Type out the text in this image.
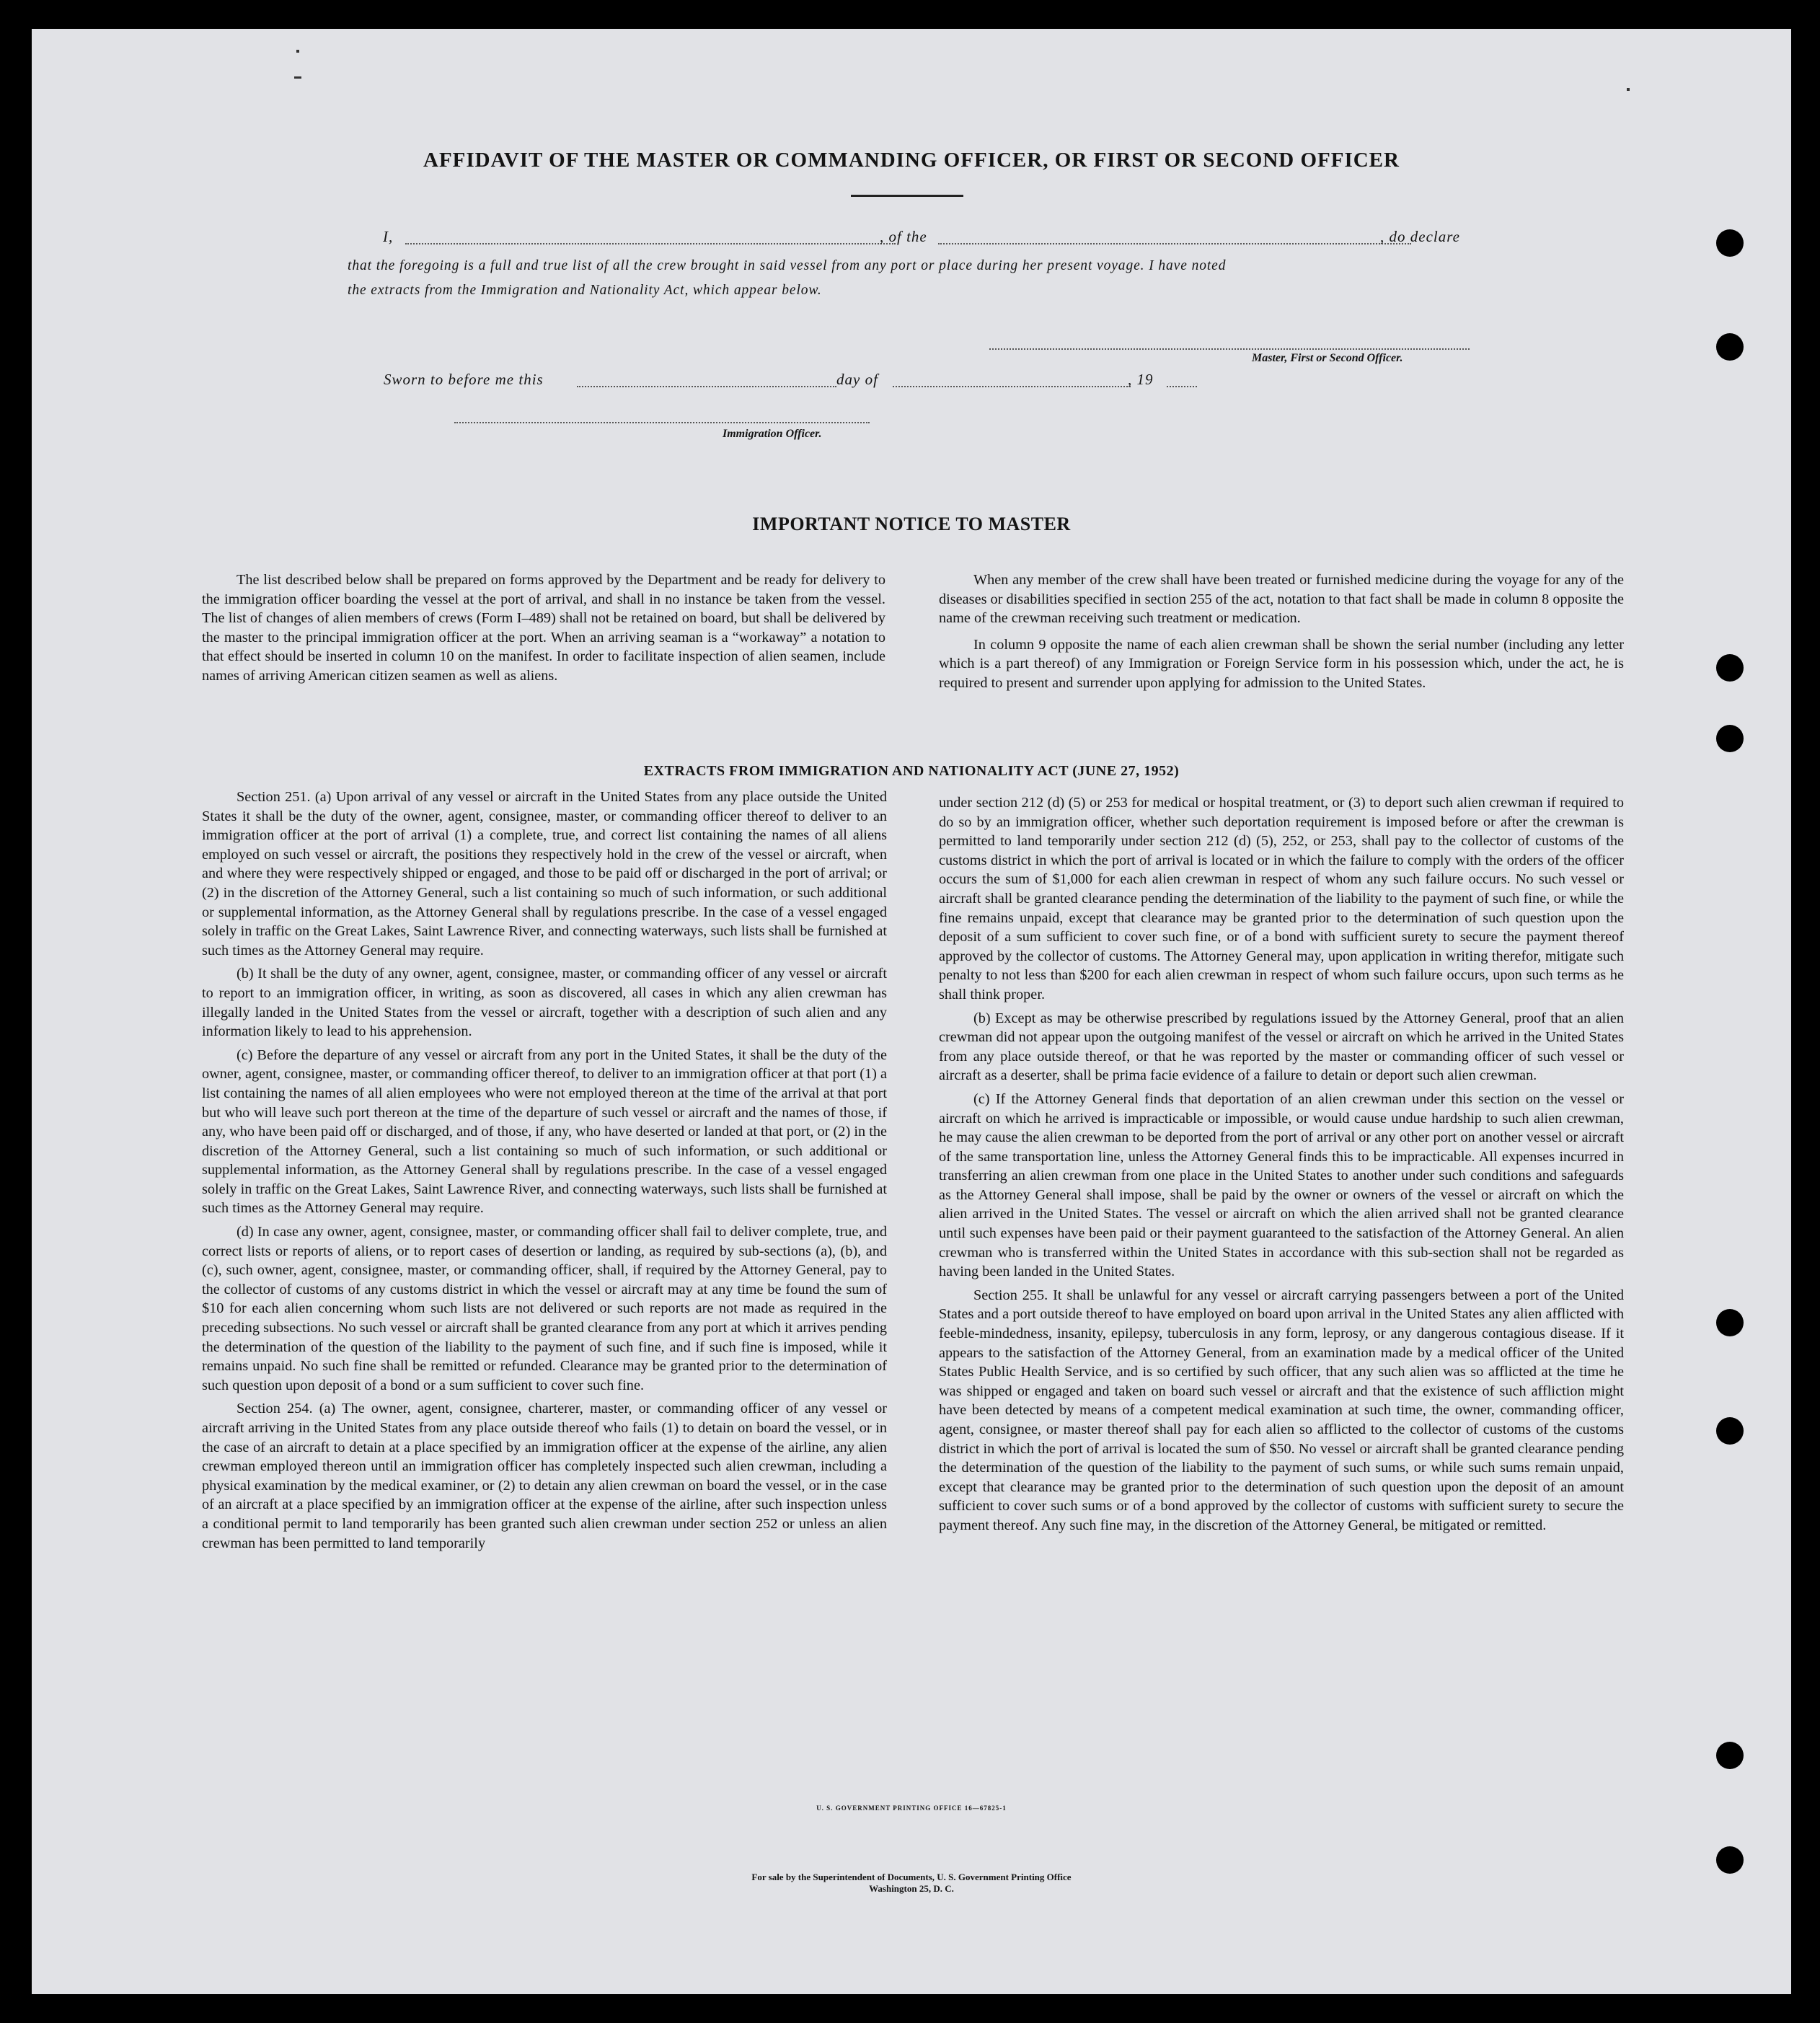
AFFIDAVIT OF THE MASTER OR COMMANDING OFFICER, OR FIRST OR SECOND OFFICER
I,	, of the	, do declare
that the foregoing is a full and true list of all the crew brought in said vessel from any port or place during her present voyage. I have noted
the extracts from the Immigration and Nationality Act, which appear below.
Master, First or Second Officer.
Sworn to before me this	day of	, 19
Immigration Officer.
IMPORTANT NOTICE TO MASTER

The list described below shall be prepared on forms approved by the Department and be ready for delivery to the immigration officer boarding the vessel at the port of arrival, and shall in no instance be taken from the vessel. The list of changes of alien members of crews (Form I–489) shall not be retained on board, but shall be delivered by the master to the principal immigration officer at the port. When an arriving seaman is a “workaway” a notation to that effect should be inserted in column 10 on the manifest. In order to facilitate inspection of alien seamen, include names of arriving American citizen seamen as well as aliens.

When any member of the crew shall have been treated or furnished medicine during the voyage for any of the diseases or disabilities specified in section 255 of the act, notation to that fact shall be made in column 8 opposite the name of the crewman receiving such treatment or medication.

In column 9 opposite the name of each alien crewman shall be shown the serial number (including any letter which is a part thereof) of any Immigration or Foreign Service form in his possession which, under the act, he is required to present and surrender upon applying for admission to the United States.

EXTRACTS FROM IMMIGRATION AND NATIONALITY ACT (JUNE 27, 1952)

Section 251. (a) Upon arrival of any vessel or aircraft in the United States from any place outside the United States it shall be the duty of the owner, agent, consignee, master, or commanding officer thereof to deliver to an immigration officer at the port of arrival (1) a complete, true, and correct list containing the names of all aliens employed on such vessel or aircraft, the positions they respectively hold in the crew of the vessel or aircraft, when and where they were respectively shipped or engaged, and those to be paid off or discharged in the port of arrival; or (2) in the discretion of the Attorney General, such a list containing so much of such information, or such additional or supplemental information, as the Attorney General shall by regulations prescribe. In the case of a vessel engaged solely in traffic on the Great Lakes, Saint Lawrence River, and connecting waterways, such lists shall be furnished at such times as the Attorney General may require.

(b) It shall be the duty of any owner, agent, consignee, master, or commanding officer of any vessel or aircraft to report to an immigration officer, in writing, as soon as discovered, all cases in which any alien crewman has illegally landed in the United States from the vessel or aircraft, together with a description of such alien and any information likely to lead to his apprehension.

(c) Before the departure of any vessel or aircraft from any port in the United States, it shall be the duty of the owner, agent, consignee, master, or commanding officer thereof, to deliver to an immigration officer at that port (1) a list containing the names of all alien employees who were not employed thereon at the time of the arrival at that port but who will leave such port thereon at the time of the departure of such vessel or aircraft and the names of those, if any, who have been paid off or discharged, and of those, if any, who have deserted or landed at that port, or (2) in the discretion of the Attorney General, such a list containing so much of such information, or such additional or supplemental information, as the Attorney General shall by regulations prescribe. In the case of a vessel engaged solely in traffic on the Great Lakes, Saint Lawrence River, and connecting waterways, such lists shall be furnished at such times as the Attorney General may require.

(d) In case any owner, agent, consignee, master, or commanding officer shall fail to deliver complete, true, and correct lists or reports of aliens, or to report cases of desertion or landing, as required by sub-sections (a), (b), and (c), such owner, agent, consignee, master, or commanding officer, shall, if required by the Attorney General, pay to the collector of customs of any customs district in which the vessel or aircraft may at any time be found the sum of $10 for each alien concerning whom such lists are not delivered or such reports are not made as required in the preceding subsections. No such vessel or aircraft shall be granted clearance from any port at which it arrives pending the determination of the question of the liability to the payment of such fine, and if such fine is imposed, while it remains unpaid. No such fine shall be remitted or refunded. Clearance may be granted prior to the determination of such question upon deposit of a bond or a sum sufficient to cover such fine.

Section 254. (a) The owner, agent, consignee, charterer, master, or commanding officer of any vessel or aircraft arriving in the United States from any place outside thereof who fails (1) to detain on board the vessel, or in the case of an aircraft to detain at a place specified by an immigration officer at the expense of the airline, any alien crewman employed thereon until an immigration officer has completely inspected such alien crewman, including a physical examination by the medical examiner, or (2) to detain any alien crewman on board the vessel, or in the case of an aircraft at a place specified by an immigration officer at the expense of the airline, after such inspection unless a conditional permit to land temporarily has been granted such alien crewman under section 252 or unless an alien crewman has been permitted to land temporarily

under section 212 (d) (5) or 253 for medical or hospital treatment, or (3) to deport such alien crewman if required to do so by an immigration officer, whether such deportation requirement is imposed before or after the crewman is permitted to land temporarily under section 212 (d) (5), 252, or 253, shall pay to the collector of customs of the customs district in which the port of arrival is located or in which the failure to comply with the orders of the officer occurs the sum of $1,000 for each alien crewman in respect of whom any such failure occurs. No such vessel or aircraft shall be granted clearance pending the determination of the liability to the payment of such fine, or while the fine remains unpaid, except that clearance may be granted prior to the determination of such question upon the deposit of a sum sufficient to cover such fine, or of a bond with sufficient surety to secure the payment thereof approved by the collector of customs. The Attorney General may, upon application in writing therefor, mitigate such penalty to not less than $200 for each alien crewman in respect of whom such failure occurs, upon such terms as he shall think proper.

(b) Except as may be otherwise prescribed by regulations issued by the Attorney General, proof that an alien crewman did not appear upon the outgoing manifest of the vessel or aircraft on which he arrived in the United States from any place outside thereof, or that he was reported by the master or commanding officer of such vessel or aircraft as a deserter, shall be prima facie evidence of a failure to detain or deport such alien crewman.

(c) If the Attorney General finds that deportation of an alien crewman under this section on the vessel or aircraft on which he arrived is impracticable or impossible, or would cause undue hardship to such alien crewman, he may cause the alien crewman to be deported from the port of arrival or any other port on another vessel or aircraft of the same transportation line, unless the Attorney General finds this to be impracticable. All expenses incurred in transferring an alien crewman from one place in the United States to another under such conditions and safeguards as the Attorney General shall impose, shall be paid by the owner or owners of the vessel or aircraft on which the alien arrived in the United States. The vessel or aircraft on which the alien arrived shall not be granted clearance until such expenses have been paid or their payment guaranteed to the satisfaction of the Attorney General. An alien crewman who is transferred within the United States in accordance with this sub-section shall not be regarded as having been landed in the United States.

Section 255. It shall be unlawful for any vessel or aircraft carrying passengers between a port of the United States and a port outside thereof to have employed on board upon arrival in the United States any alien afflicted with feeble-mindedness, insanity, epilepsy, tuberculosis in any form, leprosy, or any dangerous contagious disease. If it appears to the satisfaction of the Attorney General, from an examination made by a medical officer of the United States Public Health Service, and is so certified by such officer, that any such alien was so afflicted at the time he was shipped or engaged and taken on board such vessel or aircraft and that the existence of such affliction might have been detected by means of a competent medical examination at such time, the owner, commanding officer, agent, consignee, or master thereof shall pay for each alien so afflicted to the collector of customs of the customs district in which the port of arrival is located the sum of $50. No vessel or aircraft shall be granted clearance pending the determination of the question of the liability to the payment of such sums, or while such sums remain unpaid, except that clearance may be granted prior to the determination of such question upon the deposit of an amount sufficient to cover such sums or of a bond approved by the collector of customs with sufficient surety to secure the payment thereof. Any such fine may, in the discretion of the Attorney General, be mitigated or remitted.

U. S. GOVERNMENT PRINTING OFFICE 16—67825-1
For sale by the Superintendent of Documents, U. S. Government Printing Office
Washington 25, D. C.
